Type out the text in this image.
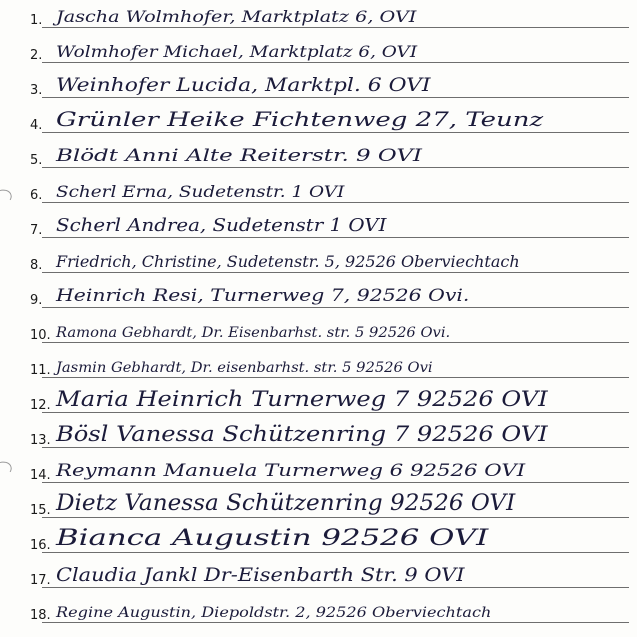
1. Jascha Wolmhofer, Marktplatz 6, OVI
2. Wolmhofer Michael, Marktplatz 6, OVI
3. Weinhofer Lucida, Marktpl. 6 OVI
4. Grünler Heike Fichtenweg 27, Teunz
5. Blödt Anni Alte Reiterstr. 9 OVI
6. Scherl Erna, Sudetenstr. 1 OVI
7. Scherl Andrea, Sudetenstr 1 OVI
8. Friedrich, Christine, Sudetenstr. 5, 92526 Oberviechtach
9. Heinrich Resi, Turnerweg 7, 92526 Ovi.
10. Ramona Gebhardt, Dr. Eisenbarhst. str. 5 92526 Ovi.
11. Jasmin Gebhardt, Dr. eisenbarhst. str. 5 92526 Ovi
12. Maria Heinrich Turnerweg 7 92526 OVI
13. Bösl Vanessa Schützenring 7 92526 OVI
14. Reymann Manuela Turnerweg 6 92526 OVI
15. Dietz Vanessa Schützenring 92526 OVI
16. Bianca Augustin 92526 OVI
17. Claudia Jankl Dr-Eisenbarth Str. 9 OVI
18. Regine Augustin, Diepoldstr. 2, 92526 Oberviechtach
